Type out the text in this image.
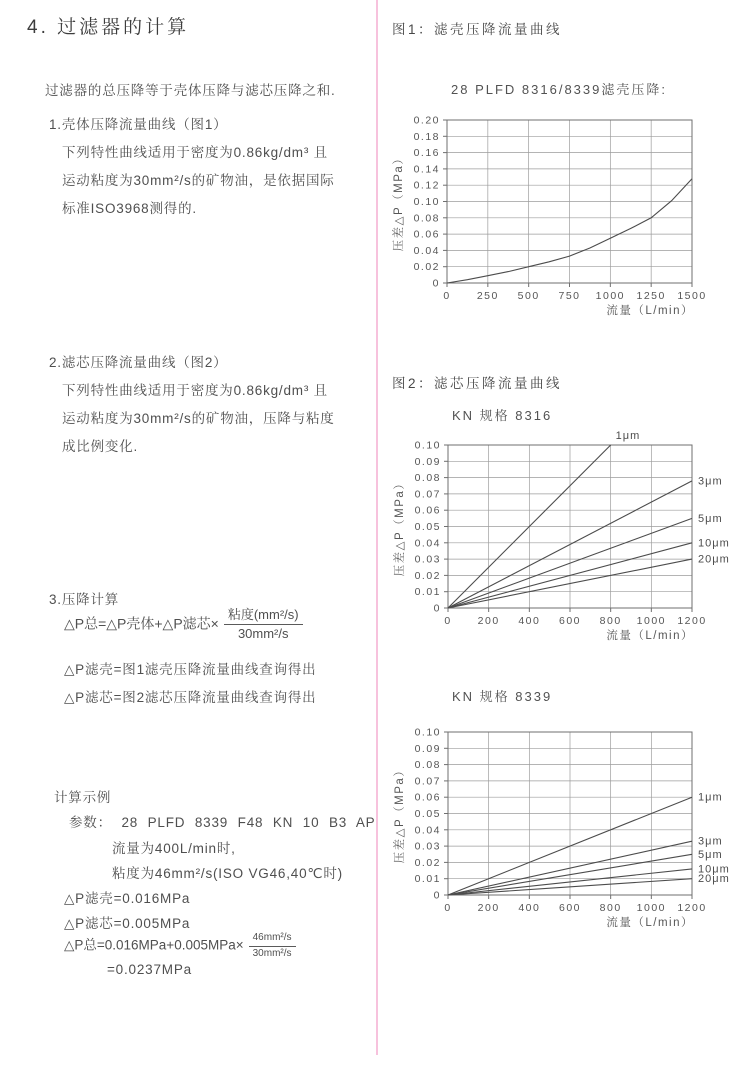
4. 过滤器的计算
过滤器的总压降等于壳体压降与滤芯压降之和.
1.壳体压降流量曲线（图1）
下列特性曲线适用于密度为0.86kg/dm³ 且
运动粘度为30mm²/s的矿物油，是依据国际
标准ISO3968测得的.
2.滤芯压降流量曲线（图2）
下列特性曲线适用于密度为0.86kg/dm³ 且
运动粘度为30mm²/s的矿物油，压降与粘度
成比例变化.
3.压降计算
△P总=△P壳体+△P滤芯× $\frac{\text{粘度(mm²/s)}}{\text{30mm²/s}}$
△P滤壳=图1滤壳压降流量曲线查询得出
△P滤芯=图2滤芯压降流量曲线查询得出
计算示例
参数： 28 PLFD 8339 F48 KN 10 B3 AP
流量为400L/min时,
粘度为46mm²/s(ISO VG46,40℃时)
△P滤壳=0.016MPa
△P滤芯=0.005MPa
△P总$=0.016MPa+0.005MPa\times \frac{\text{46mm²/s}}{\text{30mm²/s}}$
=0.0237MPa
图1：滤壳压降流量曲线
0 250 500 750 1000 1250 1500
0
0.02
0.04
0.06
0.08
0.10
0.12
0.14
0.16
0.18
0.20
28 PLFD 8316/8339滤壳压降:
压差△P（MPa）
流量（L/min）
图2：滤芯压降流量曲线
0 200 400 600 800 1000 1200
0
0.01
0.02
0.03
0.04
0.05
0.06
0.07
0.08
0.09
0.10
KN 规格 8316
压差△P（MPa）
流量（L/min）
1μm
3μm
5μm
10μm
20μm
0 200 400 600 800 1000 1200
0
0.01
0.02
0.03
0.04
0.05
0.06
0.07
0.08
0.09
0.10
KN 规格 8339
压差△P（MPa）
流量（L/min）
1μm
3μm
5μm
10μm
20μm
